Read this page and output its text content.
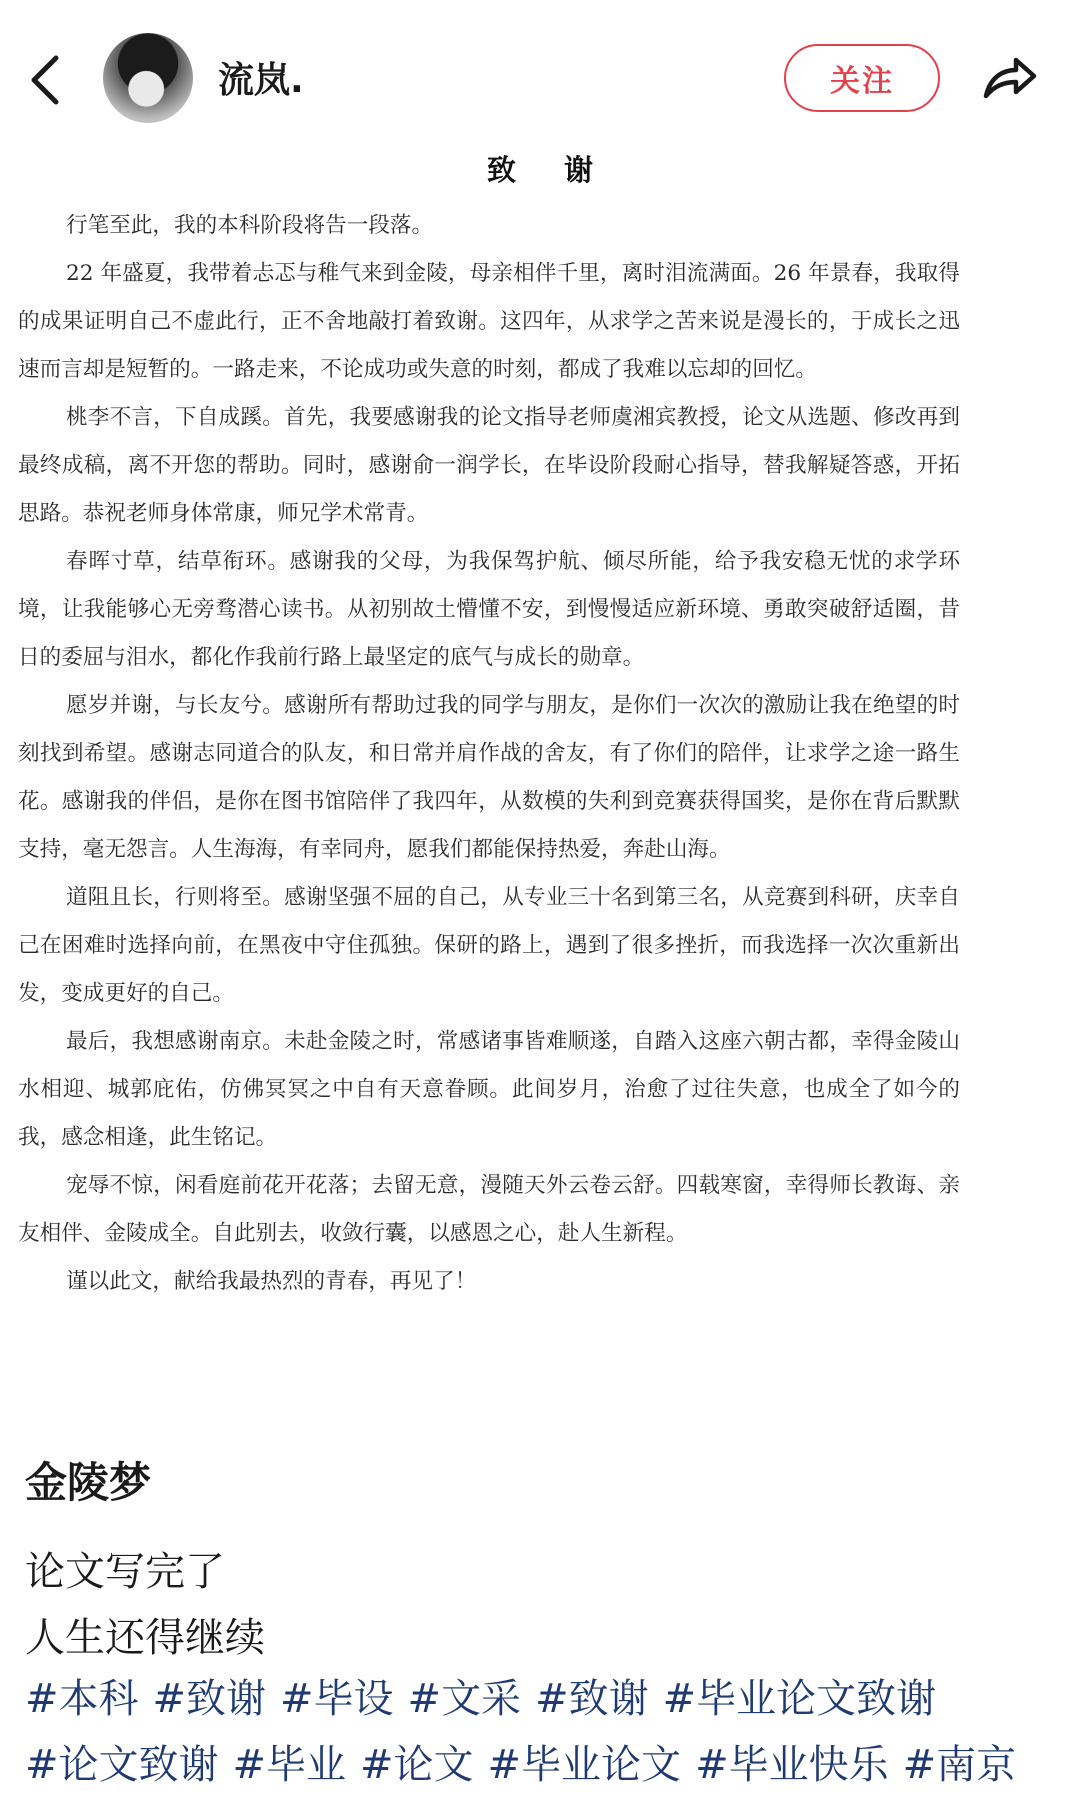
流岚.	关注
致谢

行笔至此，我的本科阶段将告一段落。

22 年盛夏，我带着忐忑与稚气来到金陵，母亲相伴千里，离时泪流满面。26 年景春，我取得的成果证明自己不虚此行，正不舍地敲打着致谢。这四年，从求学之苦来说是漫长的，于成长之迅速而言却是短暂的。一路走来，不论成功或失意的时刻，都成了我难以忘却的回忆。

桃李不言，下自成蹊。首先，我要感谢我的论文指导老师虞湘宾教授，论文从选题、修改再到最终成稿，离不开您的帮助。同时，感谢俞一润学长，在毕设阶段耐心指导，替我解疑答惑，开拓思路。恭祝老师身体常康，师兄学术常青。

春晖寸草，结草衔环。感谢我的父母，为我保驾护航、倾尽所能，给予我安稳无忧的求学环境，让我能够心无旁骛潜心读书。从初别故土懵懂不安，到慢慢适应新环境、勇敢突破舒适圈，昔日的委屈与泪水，都化作我前行路上最坚定的底气与成长的勋章。

愿岁并谢，与长友兮。感谢所有帮助过我的同学与朋友，是你们一次次的激励让我在绝望的时刻找到希望。感谢志同道合的队友，和日常并肩作战的舍友，有了你们的陪伴，让求学之途一路生花。感谢我的伴侣，是你在图书馆陪伴了我四年，从数模的失利到竞赛获得国奖，是你在背后默默支持，毫无怨言。人生海海，有幸同舟，愿我们都能保持热爱，奔赴山海。

道阻且长，行则将至。感谢坚强不屈的自己，从专业三十名到第三名，从竞赛到科研，庆幸自己在困难时选择向前，在黑夜中守住孤独。保研的路上，遇到了很多挫折，而我选择一次次重新出发，变成更好的自己。

最后，我想感谢南京。未赴金陵之时，常感诸事皆难顺遂，自踏入这座六朝古都，幸得金陵山水相迎、城郭庇佑，仿佛冥冥之中自有天意眷顾。此间岁月，治愈了过往失意，也成全了如今的我，感念相逢，此生铭记。

宠辱不惊，闲看庭前花开花落；去留无意，漫随天外云卷云舒。四载寒窗，幸得师长教诲、亲友相伴、金陵成全。自此别去，收敛行囊，以感恩之心，赴人生新程。

谨以此文，献给我最热烈的青春，再见了！

金陵梦
论文写完了
人生还得继续
#本科 #致谢 #毕设 #文采 #致谢 #毕业论文致谢#论文致谢 #毕业 #论文 #毕业论文 #毕业快乐 #南京
